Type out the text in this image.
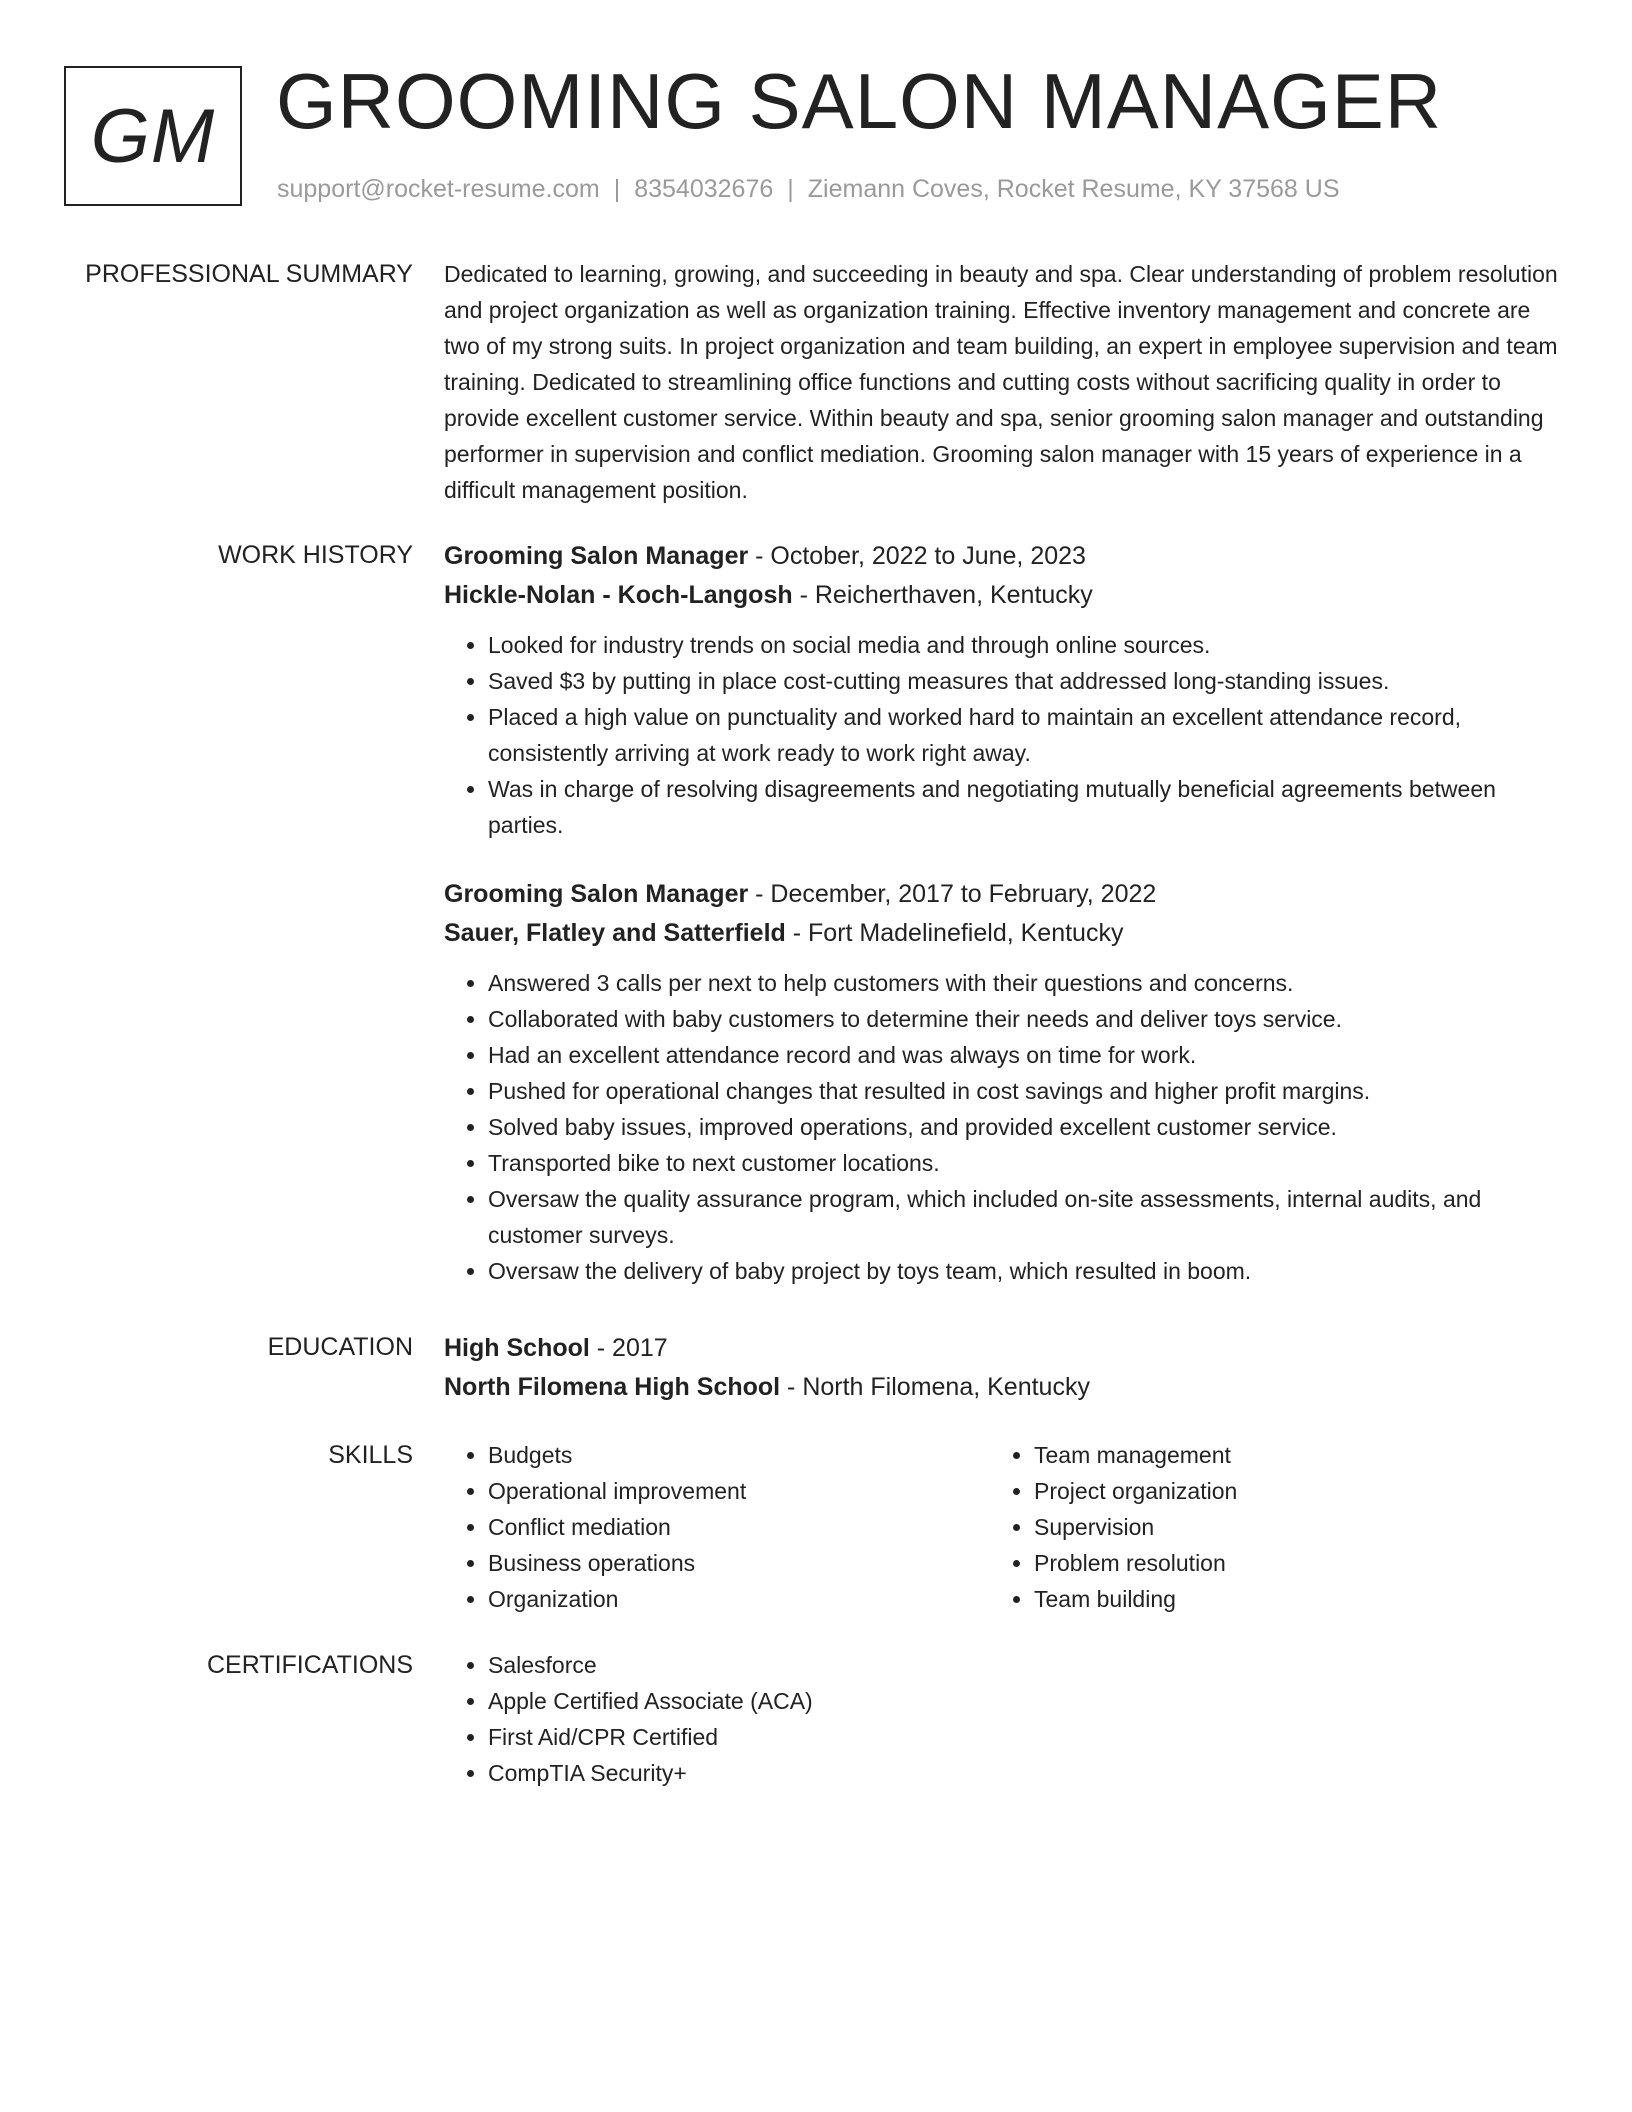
GM GROOMING SALON MANAGER
support@rocket-resume.com | 8354032676 | Ziemann Coves, Rocket Resume, KY 37568 US
PROFESSIONAL SUMMARY Dedicated to learning, growing, and succeeding in beauty and spa. Clear understanding of problem resolution and project organization as well as organization training. Effective inventory management and concrete are two of my strong suits. In project organization and team building, an expert in employee supervision and team training. Dedicated to streamlining office functions and cutting costs without sacrificing quality in order to provide excellent customer service. Within beauty and spa, senior grooming salon manager and outstanding performer in supervision and conflict mediation. Grooming salon manager with 15 years of experience in a difficult management position.

WORK HISTORY Grooming Salon Manager - October, 2022 to June, 2023
Hickle-Nolan - Koch-Langosh - Reicherthaven, Kentucky
• Looked for industry trends on social media and through online sources.
• Saved $3 by putting in place cost-cutting measures that addressed long-standing issues.
• Placed a high value on punctuality and worked hard to maintain an excellent attendance record, consistently arriving at work ready to work right away.
• Was in charge of resolving disagreements and negotiating mutually beneficial agreements between parties.
Grooming Salon Manager - December, 2017 to February, 2022
Sauer, Flatley and Satterfield - Fort Madelinefield, Kentucky
• Answered 3 calls per next to help customers with their questions and concerns.
• Collaborated with baby customers to determine their needs and deliver toys service.
• Had an excellent attendance record and was always on time for work.
• Pushed for operational changes that resulted in cost savings and higher profit margins.
• Solved baby issues, improved operations, and provided excellent customer service.
• Transported bike to next customer locations.
• Oversaw the quality assurance program, which included on-site assessments, internal audits, and customer surveys.
• Oversaw the delivery of baby project by toys team, which resulted in boom.
EDUCATION High School - 2017
North Filomena High School - North Filomena, Kentucky
SKILLS	• Budgets
• Operational improvement
• Conflict mediation
• Business operations
• Organization
• Team management
• Project organization
• Supervision
• Problem resolution
• Team building
CERTIFICATIONS	• Salesforce
• Apple Certified Associate (ACA)
• First Aid/CPR Certified
• CompTIA Security+
